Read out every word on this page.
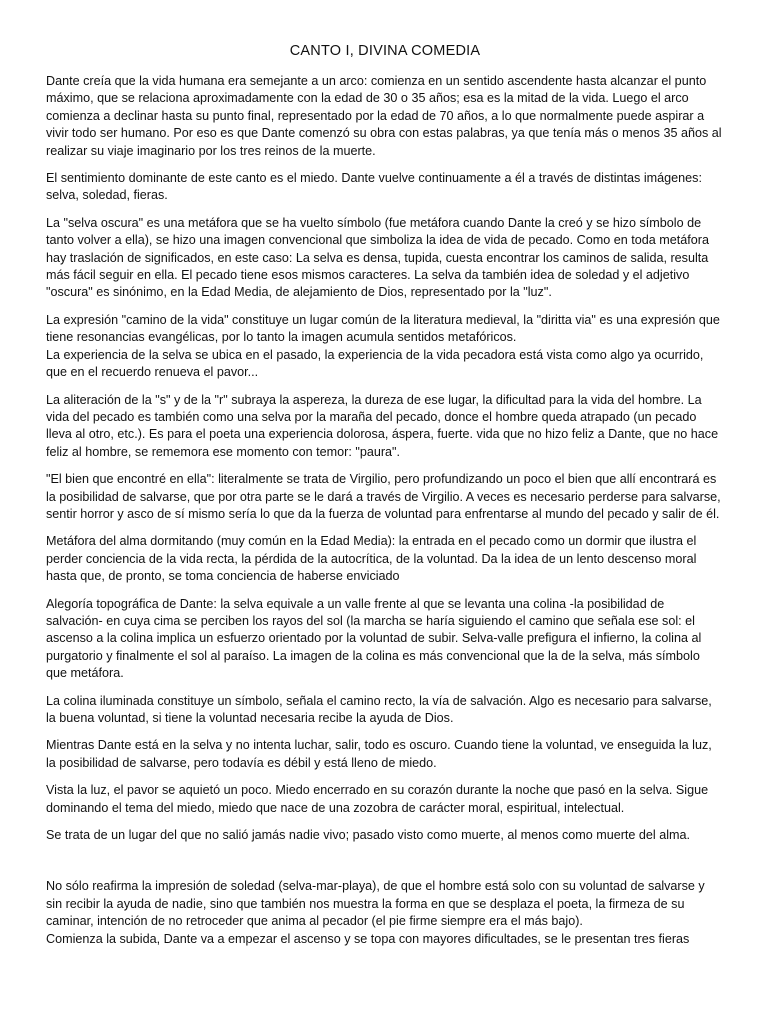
CANTO I, DIVINA COMEDIA

Dante creía que la vida humana era semejante a un arco: comienza en un sentido ascendente hasta alcanzar el punto máximo, que se relaciona aproximadamente con la edad de 30 o 35 años; esa es la mitad de la vida. Luego el arco comienza a declinar hasta su punto final, representado por la edad de 70 años, a lo que normalmente puede aspirar a vivir todo ser humano. Por eso es que Dante comenzó su obra con estas palabras, ya que tenía más o menos 35 años al realizar su viaje imaginario por los tres reinos de la muerte.

El sentimiento dominante de este canto es el miedo. Dante vuelve continuamente a él a través de distintas imágenes: selva, soledad, fieras.

La "selva oscura" es una metáfora que se ha vuelto símbolo (fue metáfora cuando Dante la creó y se hizo símbolo de tanto volver a ella), se hizo una imagen convencional que simboliza la idea de vida de pecado. Como en toda metáfora hay traslación de significados, en este caso: La selva es densa, tupida, cuesta encontrar los caminos de salida, resulta más fácil seguir en ella. El pecado tiene esos mismos caracteres. La selva da también idea de soledad y el adjetivo "oscura" es sinónimo, en la Edad Media, de alejamiento de Dios, representado por la "luz".

La expresión "camino de la vida" constituye un lugar común de la literatura medieval, la "diritta via" es una expresión que tiene resonancias evangélicas, por lo tanto la imagen acumula sentidos metafóricos.

La experiencia de la selva se ubica en el pasado, la experiencia de la vida pecadora está vista como algo ya ocurrido, que en el recuerdo renueva el pavor...

La aliteración de la "s" y de la "r" subraya la aspereza, la dureza de ese lugar, la dificultad para la vida del hombre. La vida del pecado es también como una selva por la maraña del pecado, donce el hombre queda atrapado (un pecado lleva al otro, etc.). Es para el poeta una experiencia dolorosa, áspera, fuerte. vida que no hizo feliz a Dante, que no hace feliz al hombre, se rememora ese momento con temor: "paura".

"El bien que encontré en ella": literalmente se trata de Virgilio, pero profundizando un poco el bien que allí encontrará es la posibilidad de salvarse, que por otra parte se le dará a través de Virgilio. A veces es necesario perderse para salvarse, sentir horror y asco de sí mismo sería lo que da la fuerza de voluntad para enfrentarse al mundo del pecado y salir de él.

Metáfora del alma dormitando (muy común en la Edad Media): la entrada en el pecado como un dormir que ilustra el perder conciencia de la vida recta, la pérdida de la autocrítica, de la voluntad. Da la idea de un lento descenso moral hasta que, de pronto, se toma conciencia de haberse enviciado

Alegoría topográfica de Dante: la selva equivale a un valle frente al que se levanta una colina -la posibilidad de salvación- en cuya cima se perciben los rayos del sol (la marcha se haría siguiendo el camino que señala ese sol: el ascenso a la colina implica un esfuerzo orientado por la voluntad de subir. Selva-valle prefigura el infierno, la colina al purgatorio y finalmente el sol al paraíso. La imagen de la colina es más convencional que la de la selva, más símbolo que metáfora.

La colina iluminada constituye un símbolo, señala el camino recto, la vía de salvación. Algo es necesario para salvarse, la buena voluntad, si tiene la voluntad necesaria recibe la ayuda de Dios.

Mientras Dante está en la selva y no intenta luchar, salir, todo es oscuro. Cuando tiene la voluntad, ve enseguida la luz, la posibilidad de salvarse, pero todavía es débil y está lleno de miedo.

Vista la luz, el pavor se aquietó un poco. Miedo encerrado en su corazón durante la noche que pasó en la selva. Sigue dominando el tema del miedo, miedo que nace de una zozobra de carácter moral, espiritual, intelectual.

Se trata de un lugar del que no salió jamás nadie vivo; pasado visto como muerte, al menos como muerte del alma.

No sólo reafirma la impresión de soledad (selva-mar-playa), de que el hombre está solo con su voluntad de salvarse y sin recibir la ayuda de nadie, sino que también nos muestra la forma en que se desplaza el poeta, la firmeza de su caminar, intención de no retroceder que anima al pecador (el pie firme siempre era el más bajo).

Comienza la subida, Dante va a empezar el ascenso y se topa con mayores dificultades, se le presentan tres fieras
